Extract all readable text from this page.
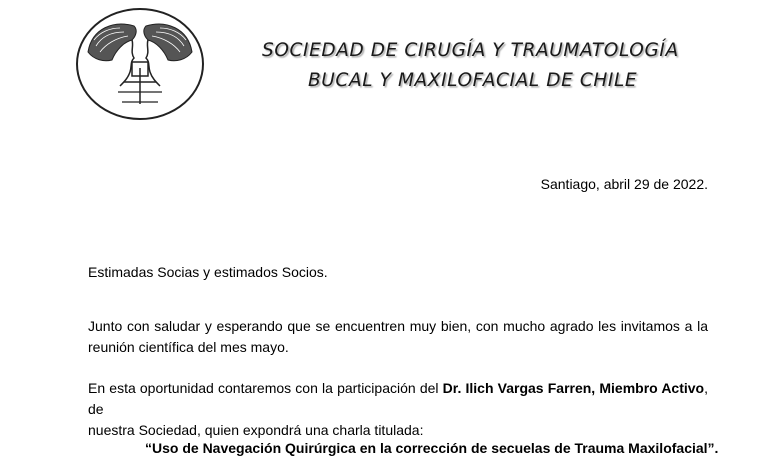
SOCIEDAD DE CIRUGÍA Y TRAUMATOLOGÍA
BUCAL Y MAXILOFACIAL DE CHILE
Santiago, abril 29 de 2022.
Estimadas Socias y estimados Socios.
Junto con saludar y esperando que se encuentren muy bien, con mucho agrado les invitamos a la
reunión científica del mes mayo.
En esta oportunidad contaremos con la participación del Dr. Ilich Vargas Farren, Miembro Activo, de
nuestra Sociedad, quien expondrá una charla titulada:
“Uso de Navegación Quirúrgica en la corrección de secuelas de Trauma Maxilofacial”.
